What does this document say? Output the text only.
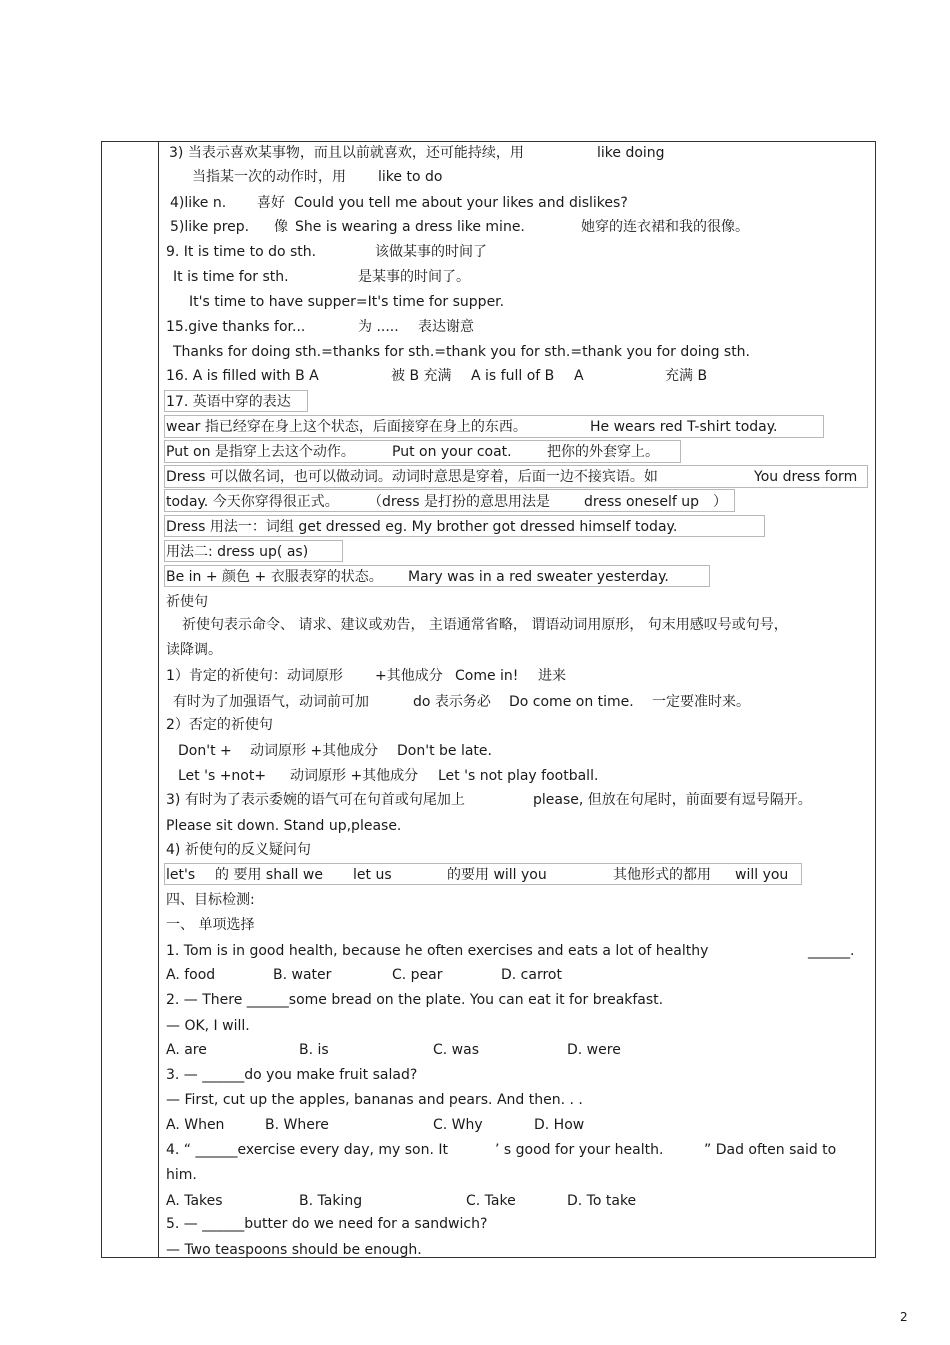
3) 当表示喜欢某事物，而且以前就喜欢，还可能持续，用	like doing
当指某一次的动作时，用 like to do
4)like n. 喜好 Could you tell me about your likes and dislikes?
5)like prep. 像 She is wearing a dress like mine.	她穿的连衣裙和我的很像。
9. It is time to do sth.	该做某事的时间了
It is time for sth.	是某事的时间了。
It's time to have supper=It's time for supper.
15.give thanks for...	为 ..... 表达谢意
Thanks for doing sth.=thanks for sth.=thank you for sth.=thank you for doing sth.
16. A is filled with B A	被 B 充满 A is full of B A	充满 B
17. 英语中穿的表达
wear 指已经穿在身上这个状态，后面接穿在身上的东西。	He wears red T-shirt today.
Put on 是指穿上去这个动作。	Put on your coat.	把你的外套穿上。
Dress 可以做名词，也可以做动词。动词时意思是穿着，后面一边不接宾语。如	You dress form
today. 今天你穿得很正式。 （dress 是打扮的意思用法是 dress oneself up ）
Dress 用法一：词组 get dressed eg. My brother got dressed himself today.
用法二: dress up( as)
Be in + 颜色 + 衣服表穿的状态。 Mary was in a red sweater yesterday.
祈使句
祈使句表示命令、 请求、建议或劝告， 主语通常省略， 谓语动词用原形， 句末用感叹号或句号，
读降调。
1）肯定的祈使句：动词原形 +其他成分 Come in! 进来
有时为了加强语气，动词前可加	do 表示务必 Do come on time. 一定要准时来。
2）否定的祈使句
Don't + 动词原形 +其他成分 Don't be late.
Let 's +not+ 动词原形 +其他成分 Let 's not play football.
3) 有时为了表示委婉的语气可在句首或句尾加上	please, 但放在句尾时，前面要有逗号隔开。
Please sit down. Stand up,please.
4) 祈使句的反义疑问句
let's 的 要用 shall we let us	的要用 will you	其他形式的都用 will you
四、目标检测:
一、 单项选择
1. Tom is in good health, because he often exercises and eats a lot of healthy	______.
A. food	B. water	C. pear	D. carrot
2. — There ______some bread on the plate. You can eat it for breakfast.
— OK, I will.
A. are	B. is	C. was	D. were
3. — ______do you make fruit salad?
— First, cut up the apples, bananas and pears. And then. . .
A. When	B. Where	C. Why	D. How
4. “ ______exercise every day, my son. It	’ s good for your health.	” Dad often said to
him.
A. Takes	B. Taking	C. Take	D. To take
5. — ______butter do we need for a sandwich?
— Two teaspoons should be enough.
2
